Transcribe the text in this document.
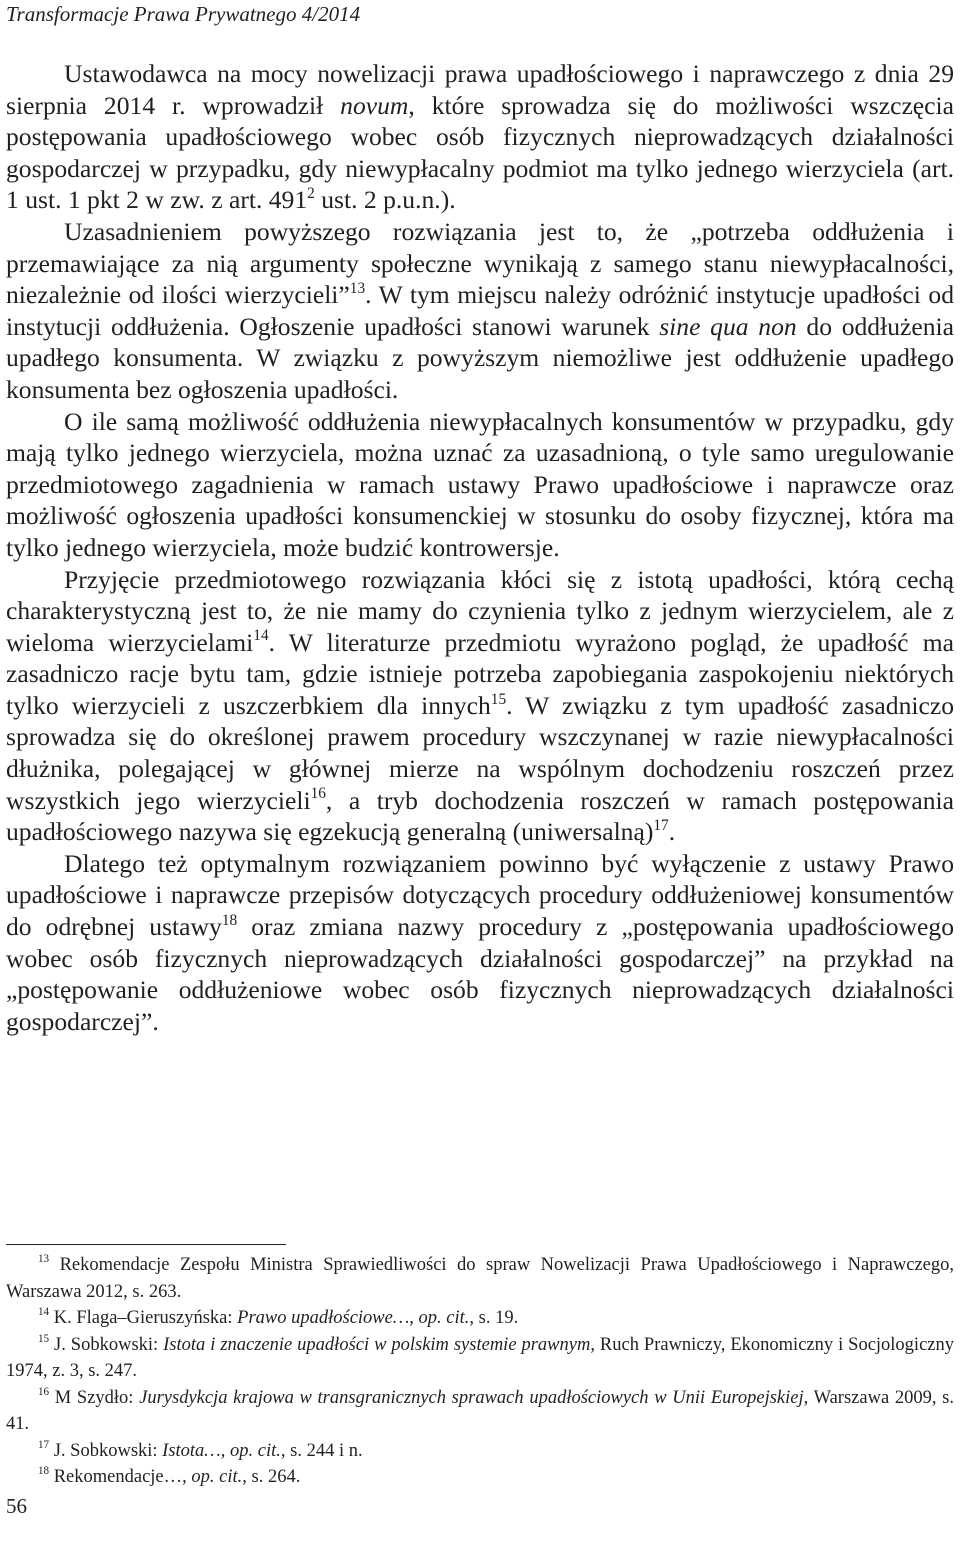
Transformacje Prawa Prywatnego 4/2014

Ustawodawca na mocy nowelizacji prawa upadłościowego i naprawczego z dnia 29 sierpnia 2014 r. wprowadził novum, które sprowadza się do możliwości wszczęcia postępowania upadłościowego wobec osób fizycznych nieprowadzących działalności gospodarczej w przypadku, gdy niewypłacalny podmiot ma tylko jednego wierzyciela (art. 1 ust. 1 pkt 2 w zw. z art. $491^2$ ust. 2 p.u.n.).

Uzasadnieniem powyższego rozwiązania jest to, że „potrzeba oddłużenia i przemawiające za nią argumenty społeczne wynikają z samego stanu niewypłacalności, niezależnie od ilości wierzycieli”$^{13}$. W tym miejscu należy odróżnić instytucje upadłości od instytucji oddłużenia. Ogłoszenie upadłości stanowi warunek sine qua non do oddłużenia upadłego konsumenta. W związku z powyższym niemożliwe jest oddłużenie upadłego konsumenta bez ogłoszenia upadłości.

O ile samą możliwość oddłużenia niewypłacalnych konsumentów w przypadku, gdy mają tylko jednego wierzyciela, można uznać za uzasadnioną, o tyle samo uregulowanie przedmiotowego zagadnienia w ramach ustawy Prawo upadłościowe i naprawcze oraz możliwość ogłoszenia upadłości konsumenckiej w stosunku do osoby fizycznej, która ma tylko jednego wierzyciela, może budzić kontrowersje.

Przyjęcie przedmiotowego rozwiązania kłóci się z istotą upadłości, którą cechą charakterystyczną jest to, że nie mamy do czynienia tylko z jednym wierzycielem, ale z wieloma wierzycielami$^{14}$. W literaturze przedmiotu wyrażono pogląd, że upadłość ma zasadniczo racje bytu tam, gdzie istnieje potrzeba zapobiegania zaspokojeniu niektórych tylko wierzycieli z uszczerbkiem dla innych$^{15}$. W związku z tym upadłość zasadniczo sprowadza się do określonej prawem procedury wszczynanej w razie niewypłacalności dłużnika, polegającej w głównej mierze na wspólnym dochodzeniu roszczeń przez wszystkich jego wierzycieli$^{16}$, a tryb dochodzenia roszczeń w ramach postępowania upadłościowego nazywa się egzekucją generalną (uniwersalną)$^{17}$.

Dlatego też optymalnym rozwiązaniem powinno być wyłączenie z ustawy Prawo upadłościowe i naprawcze przepisów dotyczących procedury oddłużeniowej konsumentów do odrębnej ustawy$^{18}$ oraz zmiana nazwy procedury z „postępowania upadłościowego wobec osób fizycznych nieprowadzących działalności gospodarczej” na przykład na „postępowanie oddłużeniowe wobec osób fizycznych nieprowadzących działalności gospodarczej”.

$^{13}$ Rekomendacje Zespołu Ministra Sprawiedliwości do spraw Nowelizacji Prawa Upadłościowego i Naprawczego, Warszawa 2012, s. 263.

$^{14}$ K. Flaga–Gieruszyńska: Prawo upadłościowe…, op. cit., s. 19.

$^{15}$ J. Sobkowski: Istota i znaczenie upadłości w polskim systemie prawnym, Ruch Prawniczy, Ekonomiczny i Socjologiczny 1974, z. 3, s. 247.

$^{16}$ M Szydło: Jurysdykcja krajowa w transgranicznych sprawach upadłościowych w Unii Europejskiej, Warszawa 2009, s. 41.

$^{17}$ J. Sobkowski: Istota…, op. cit., s. 244 i n.

$^{18}$ Rekomendacje…, op. cit., s. 264.

56
